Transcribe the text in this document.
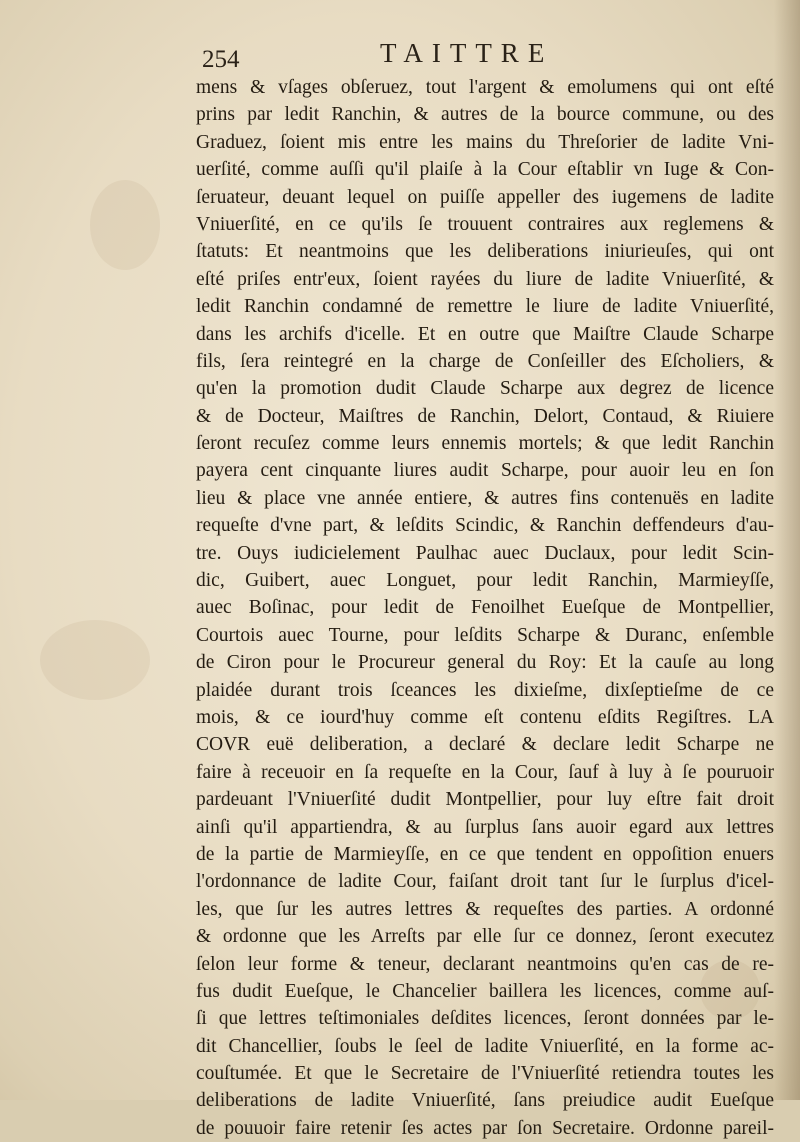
254	TAITTRE
mens & vſages obſeruez, tout l'argent & emolumens qui ont eſté
prins par ledit Ranchin, & autres de la bource commune, ou des
Graduez, ſoient mis entre les mains du Threſorier de ladite Vni-
uerſité, comme auſſi qu'il plaiſe à la Cour eſtablir vn Iuge & Con-
ſeruateur, deuant lequel on puiſſe appeller des iugemens de ladite
Vniuerſité, en ce qu'ils ſe trouuent contraires aux reglemens &
ſtatuts: Et neantmoins que les deliberations iniurieuſes, qui ont
eſté priſes entr'eux, ſoient rayées du liure de ladite Vniuerſité, &
ledit Ranchin condamné de remettre le liure de ladite Vniuerſité,
dans les archifs d'icelle. Et en outre que Maiſtre Claude Scharpe
fils, ſera reintegré en la charge de Conſeiller des Eſcholiers, &
qu'en la promotion dudit Claude Scharpe aux degrez de licence
& de Docteur, Maiſtres de Ranchin, Delort, Contaud, & Riuiere
ſeront recuſez comme leurs ennemis mortels; & que ledit Ranchin
payera cent cinquante liures audit Scharpe, pour auoir leu en ſon
lieu & place vne année entiere, & autres fins contenuës en ladite
requeſte d'vne part, & leſdits Scindic, & Ranchin deffendeurs d'au-
tre. Ouys iudicielement Paulhac auec Duclaux, pour ledit Scin-
dic, Guibert, auec Longuet, pour ledit Ranchin, Marmieyſſe,
auec Boſinac, pour ledit de Fenoilhet Eueſque de Montpellier,
Courtois auec Tourne, pour leſdits Scharpe & Duranc, enſemble
de Ciron pour le Procureur general du Roy: Et la cauſe au long
plaidée durant trois ſceances les dixieſme, dixſeptieſme de ce
mois, & ce iourd'huy comme eſt contenu eſdits Regiſtres. LA
COVR euë deliberation, a declaré & declare ledit Scharpe ne
faire à receuoir en ſa requeſte en la Cour, ſauf à luy à ſe pouruoir
pardeuant l'Vniuerſité dudit Montpellier, pour luy eſtre fait droit
ainſi qu'il appartiendra, & au ſurplus ſans auoir egard aux lettres
de la partie de Marmieyſſe, en ce que tendent en oppoſition enuers
l'ordonnance de ladite Cour, faiſant droit tant ſur le ſurplus d'icel-
les, que ſur les autres lettres & requeſtes des parties. A ordonné
& ordonne que les Arreſts par elle ſur ce donnez, ſeront executez
ſelon leur forme & teneur, declarant neantmoins qu'en cas de re-
fus dudit Eueſque, le Chancelier baillera les licences, comme auſ-
ſi que lettres teſtimoniales deſdites licences, ſeront données par le-
dit Chancellier, ſoubs le ſeel de ladite Vniuerſité, en la forme ac-
couſtumée. Et que le Secretaire de l'Vniuerſité retiendra toutes les
deliberations de ladite Vniuerſité, ſans preiudice audit Eueſque
de pouuoir faire retenir ſes actes par ſon Secretaire. Ordonne pareil-
